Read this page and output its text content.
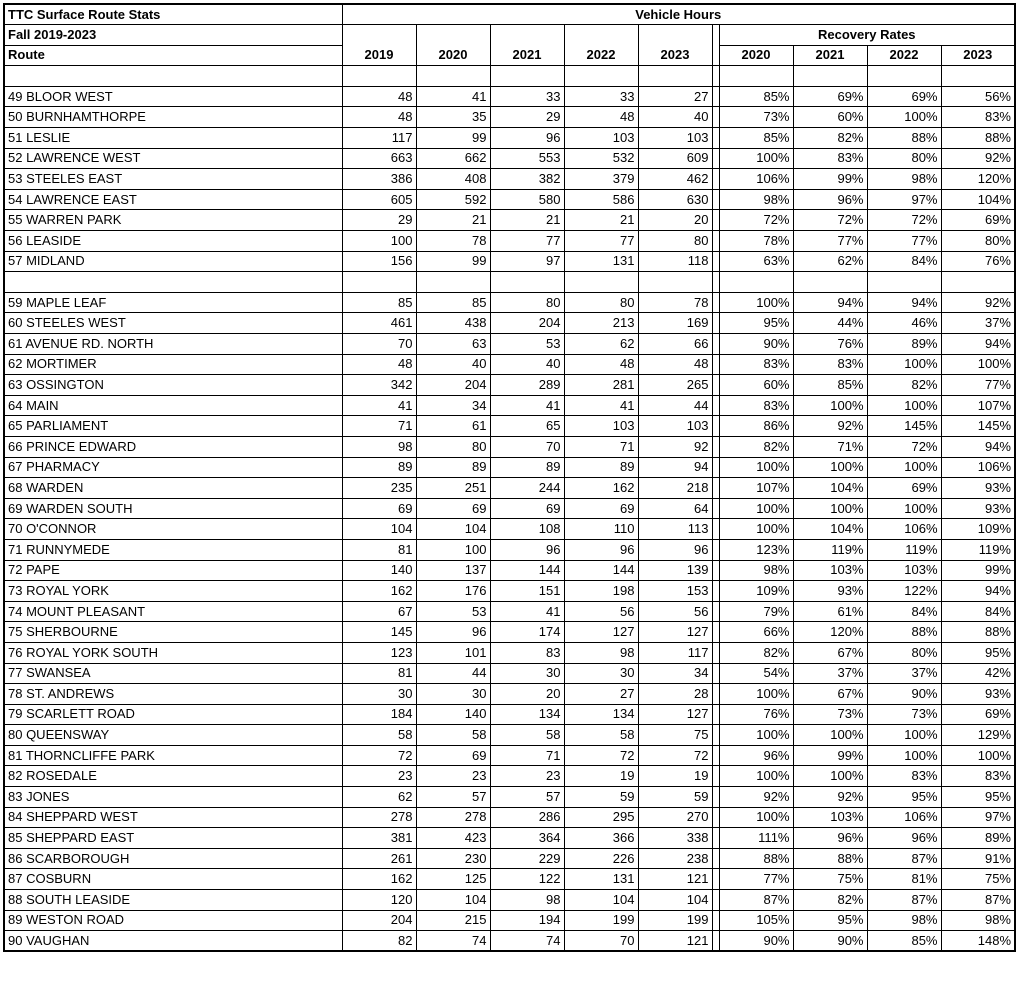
TTC Surface Route Stats	Vehicle Hours									
Fall 2019-2023							Recovery Rates			
Route	2019	2020	2021	2022	2023		2020	2021	2022	2023

49 BLOOR WEST	48	41	33	33	27		85%	69%	69%	56%
50 BURNHAMTHORPE	48	35	29	48	40		73%	60%	100%	83%
51 LESLIE	117	99	96	103	103		85%	82%	88%	88%
52 LAWRENCE WEST	663	662	553	532	609		100%	83%	80%	92%
53 STEELES EAST	386	408	382	379	462		106%	99%	98%	120%
54 LAWRENCE EAST	605	592	580	586	630		98%	96%	97%	104%
55 WARREN PARK	29	21	21	21	20		72%	72%	72%	69%
56 LEASIDE	100	78	77	77	80		78%	77%	77%	80%
57 MIDLAND	156	99	97	131	118		63%	62%	84%	76%

59 MAPLE LEAF	85	85	80	80	78		100%	94%	94%	92%
60 STEELES WEST	461	438	204	213	169		95%	44%	46%	37%
61 AVENUE RD. NORTH	70	63	53	62	66		90%	76%	89%	94%
62 MORTIMER	48	40	40	48	48		83%	83%	100%	100%
63 OSSINGTON	342	204	289	281	265		60%	85%	82%	77%
64 MAIN	41	34	41	41	44		83%	100%	100%	107%
65 PARLIAMENT	71	61	65	103	103		86%	92%	145%	145%
66 PRINCE EDWARD	98	80	70	71	92		82%	71%	72%	94%
67 PHARMACY	89	89	89	89	94		100%	100%	100%	106%
68 WARDEN	235	251	244	162	218		107%	104%	69%	93%
69 WARDEN SOUTH	69	69	69	69	64		100%	100%	100%	93%
70 O'CONNOR	104	104	108	110	113		100%	104%	106%	109%
71 RUNNYMEDE	81	100	96	96	96		123%	119%	119%	119%
72 PAPE	140	137	144	144	139		98%	103%	103%	99%
73 ROYAL YORK	162	176	151	198	153		109%	93%	122%	94%
74 MOUNT PLEASANT	67	53	41	56	56		79%	61%	84%	84%
75 SHERBOURNE	145	96	174	127	127		66%	120%	88%	88%
76 ROYAL YORK SOUTH	123	101	83	98	117		82%	67%	80%	95%
77 SWANSEA	81	44	30	30	34		54%	37%	37%	42%
78 ST. ANDREWS	30	30	20	27	28		100%	67%	90%	93%
79 SCARLETT ROAD	184	140	134	134	127		76%	73%	73%	69%
80 QUEENSWAY	58	58	58	58	75		100%	100%	100%	129%
81 THORNCLIFFE PARK	72	69	71	72	72		96%	99%	100%	100%
82 ROSEDALE	23	23	23	19	19		100%	100%	83%	83%
83 JONES	62	57	57	59	59		92%	92%	95%	95%
84 SHEPPARD WEST	278	278	286	295	270		100%	103%	106%	97%
85 SHEPPARD EAST	381	423	364	366	338		111%	96%	96%	89%
86 SCARBOROUGH	261	230	229	226	238		88%	88%	87%	91%
87 COSBURN	162	125	122	131	121		77%	75%	81%	75%
88 SOUTH LEASIDE	120	104	98	104	104		87%	82%	87%	87%
89 WESTON ROAD	204	215	194	199	199		105%	95%	98%	98%
90 VAUGHAN	82	74	74	70	121		90%	90%	85%	148%
